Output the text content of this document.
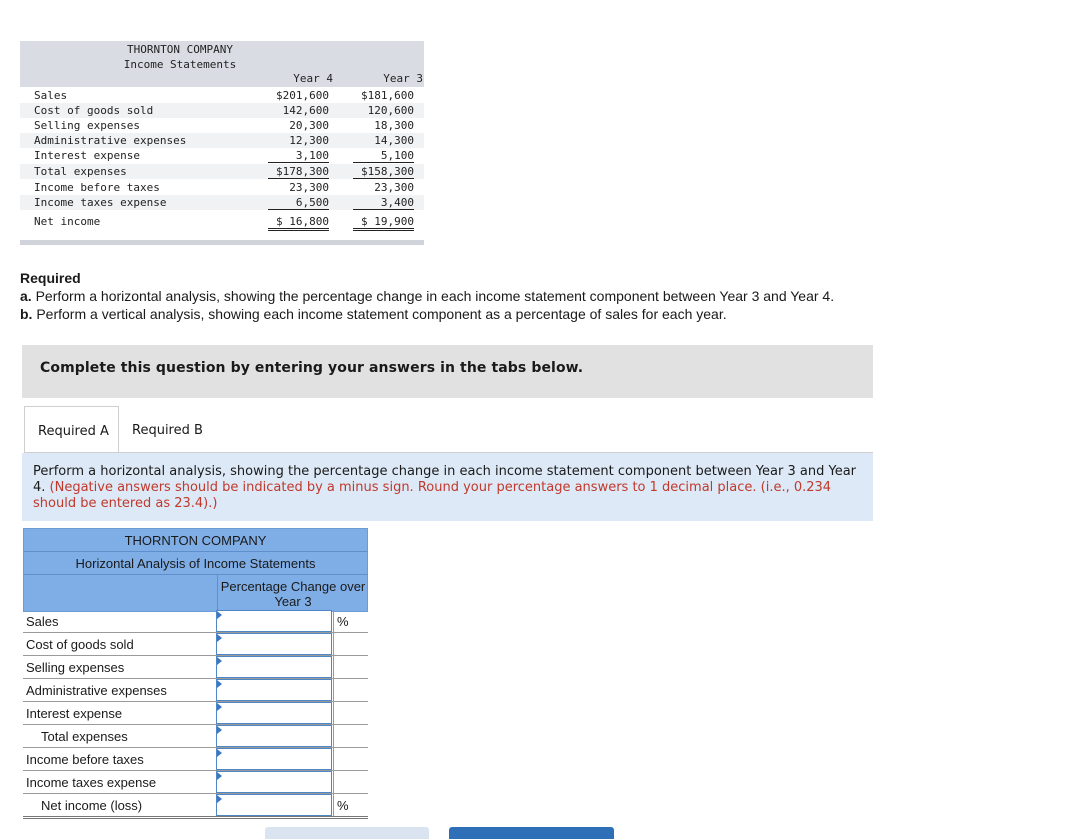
THORNTON COMPANY
Income Statements
Year 4	Year 3
Sales	$201,600	$181,600
Cost of goods sold	142,600	120,600
Selling expenses	20,300	18,300
Administrative expenses	12,300	14,300
Interest expense	3,100	5,100
Total expenses	$178,300	$158,300
Income before taxes	23,300	23,300
Income taxes expense	6,500	3,400
Net income	$ 16,800	$ 19,900
Required
a. Perform a horizontal analysis, showing the percentage change in each income statement component between Year 3 and Year 4.
b. Perform a vertical analysis, showing each income statement component as a percentage of sales for each year.
Complete this question by entering your answers in the tabs below.
Required A Required B
Perform a horizontal analysis, showing the percentage change in each income statement component between Year 3 and Year 4. (Negative answers should be indicated by a minus sign. Round your percentage answers to 1 decimal place. (i.e., 0.234 should be entered as 23.4).)
THORNTON COMPANY
Horizontal Analysis of Income Statements
Percentage Change over Year 3
Sales	%
Cost of goods sold
Selling expenses
Administrative expenses
Interest expense
Total expenses
Income before taxes
Income taxes expense
Net income (loss)	%
